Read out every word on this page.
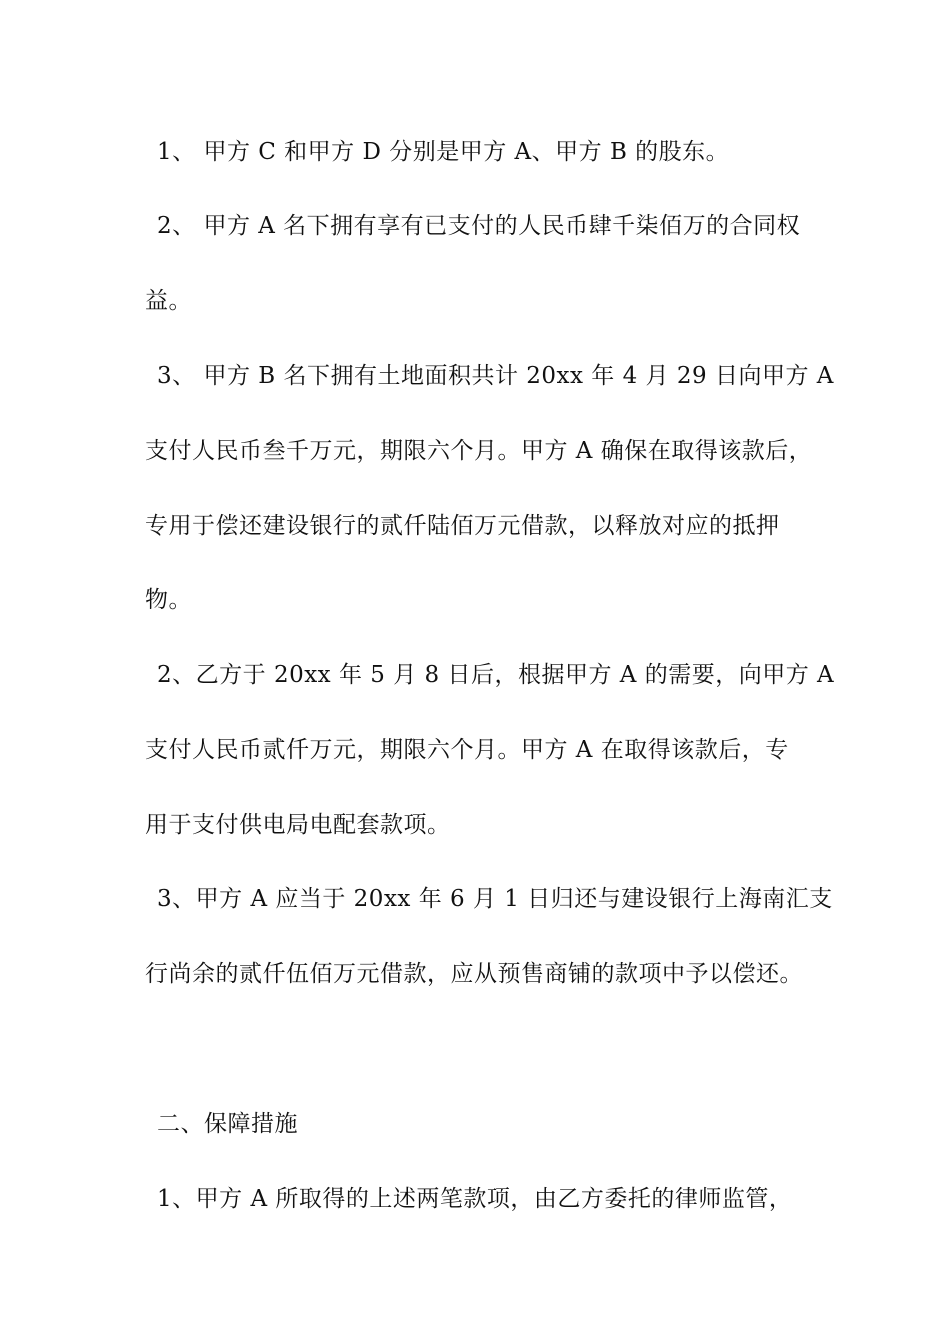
1、 甲方 C 和甲方 D 分别是甲方 A、甲方 B 的股东。
2、 甲方 A 名下拥有享有已支付的人民币肆千柒佰万的合同权
益。
3、 甲方 B 名下拥有土地面积共计 20xx 年 4 月 29 日向甲方 A
支付人民币叁千万元，期限六个月。甲方 A 确保在取得该款后，
专用于偿还建设银行的贰仟陆佰万元借款，以释放对应的抵押
物。
2、乙方于 20xx 年 5 月 8 日后，根据甲方 A 的需要，向甲方 A
支付人民币贰仟万元，期限六个月。甲方 A 在取得该款后，专
用于支付供电局电配套款项。
3、甲方 A 应当于 20xx 年 6 月 1 日归还与建设银行上海南汇支
行尚余的贰仟伍佰万元借款，应从预售商铺的款项中予以偿还。
二、保障措施
1、甲方 A 所取得的上述两笔款项，由乙方委托的律师监管，
